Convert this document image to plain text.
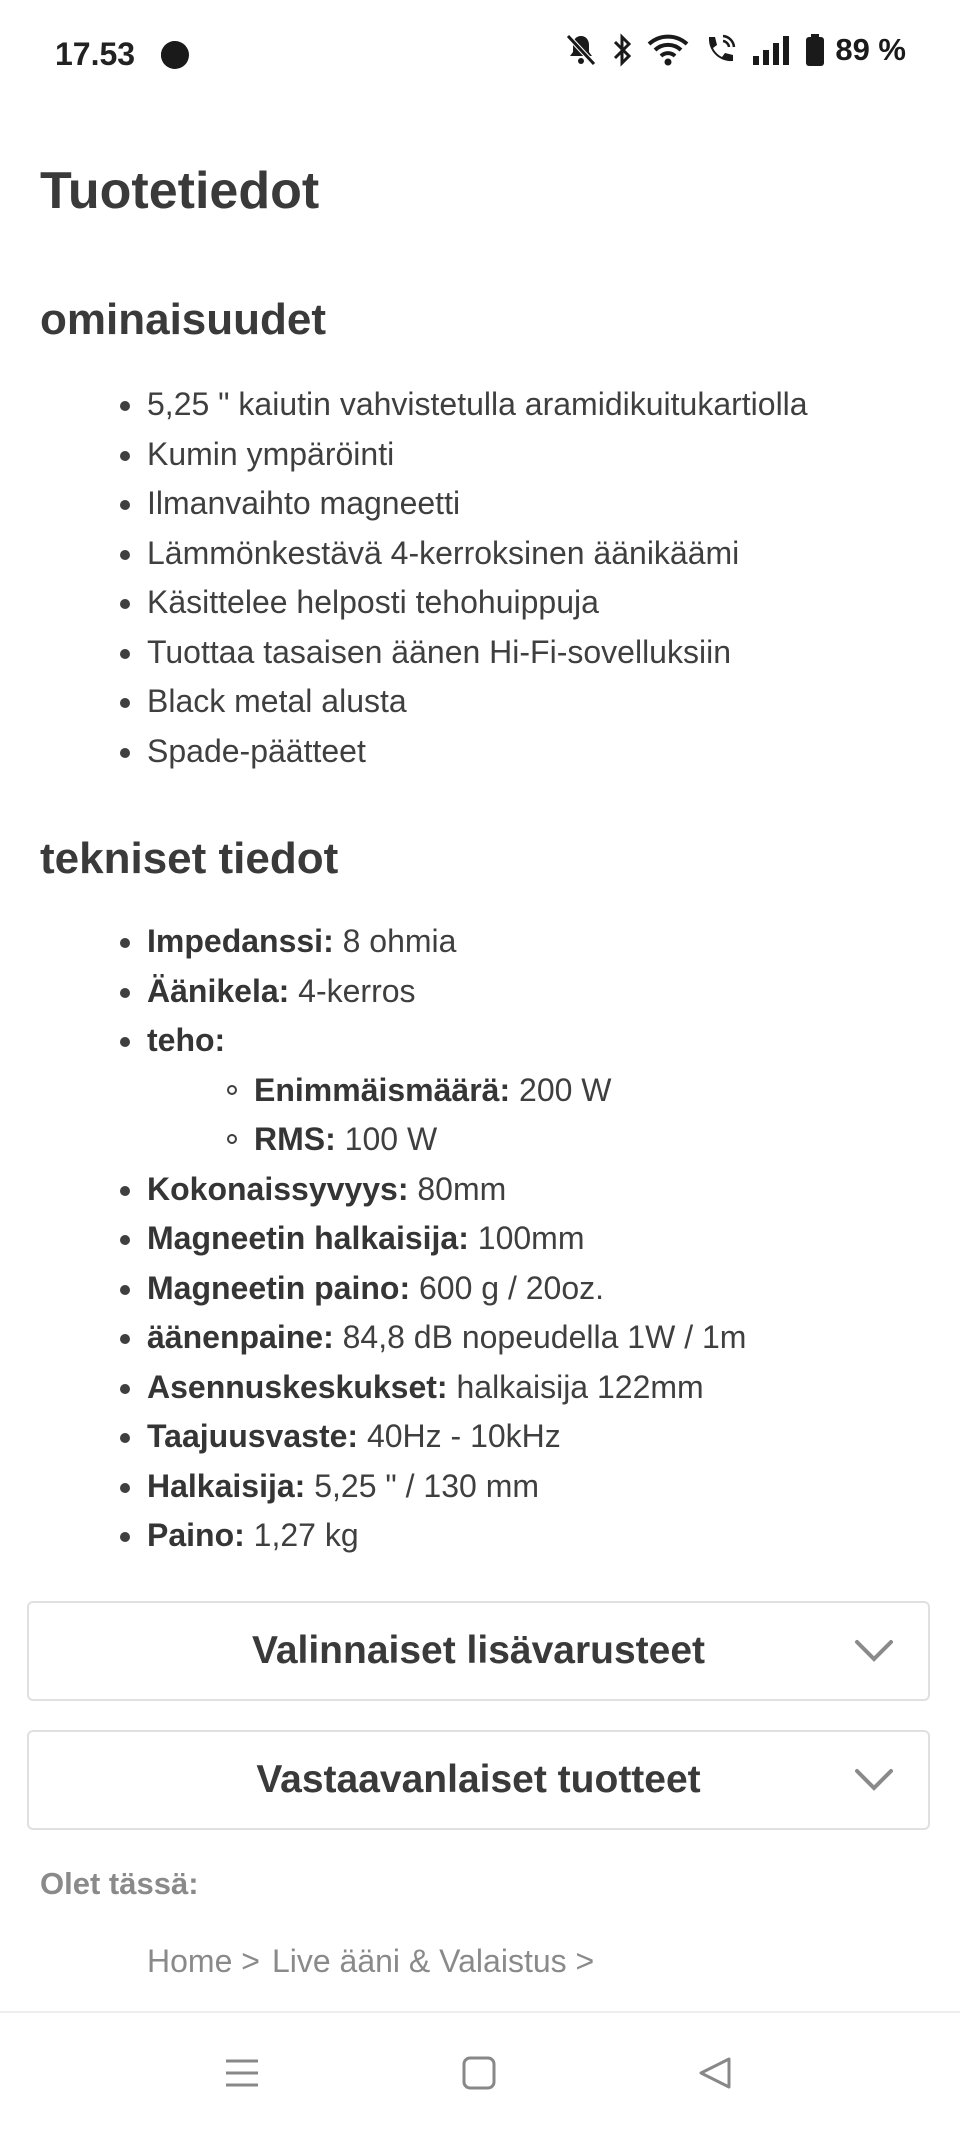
17.53	89 %
Tuotetiedot
ominaisuudet
5,25 " kaiutin vahvistetulla aramidikuitukartiolla
Kumin ympäröinti
Ilmanvaihto magneetti
Lämmönkestävä 4-kerroksinen äänikäämi
Käsittelee helposti tehohuippuja
Tuottaa tasaisen äänen Hi-Fi-sovelluksiin
Black metal alusta
Spade-päätteet
tekniset tiedot
Impedanssi: 8 ohmia
Äänikela: 4-kerros
teho:
Enimmäismäärä: 200 W
RMS: 100 W
Kokonaissyvyys: 80mm
Magneetin halkaisija: 100mm
Magneetin paino: 600 g / 20oz.
äänenpaine: 84,8 dB nopeudella 1W / 1m
Asennuskeskukset: halkaisija 122mm
Taajuusvaste: 40Hz - 10kHz
Halkaisija: 5,25 " / 130 mm
Paino: 1,27 kg
Valinnaiset lisävarusteet
Vastaavanlaiset tuotteet
Olet tässä:
Home > Live ääni & Valaistus >
